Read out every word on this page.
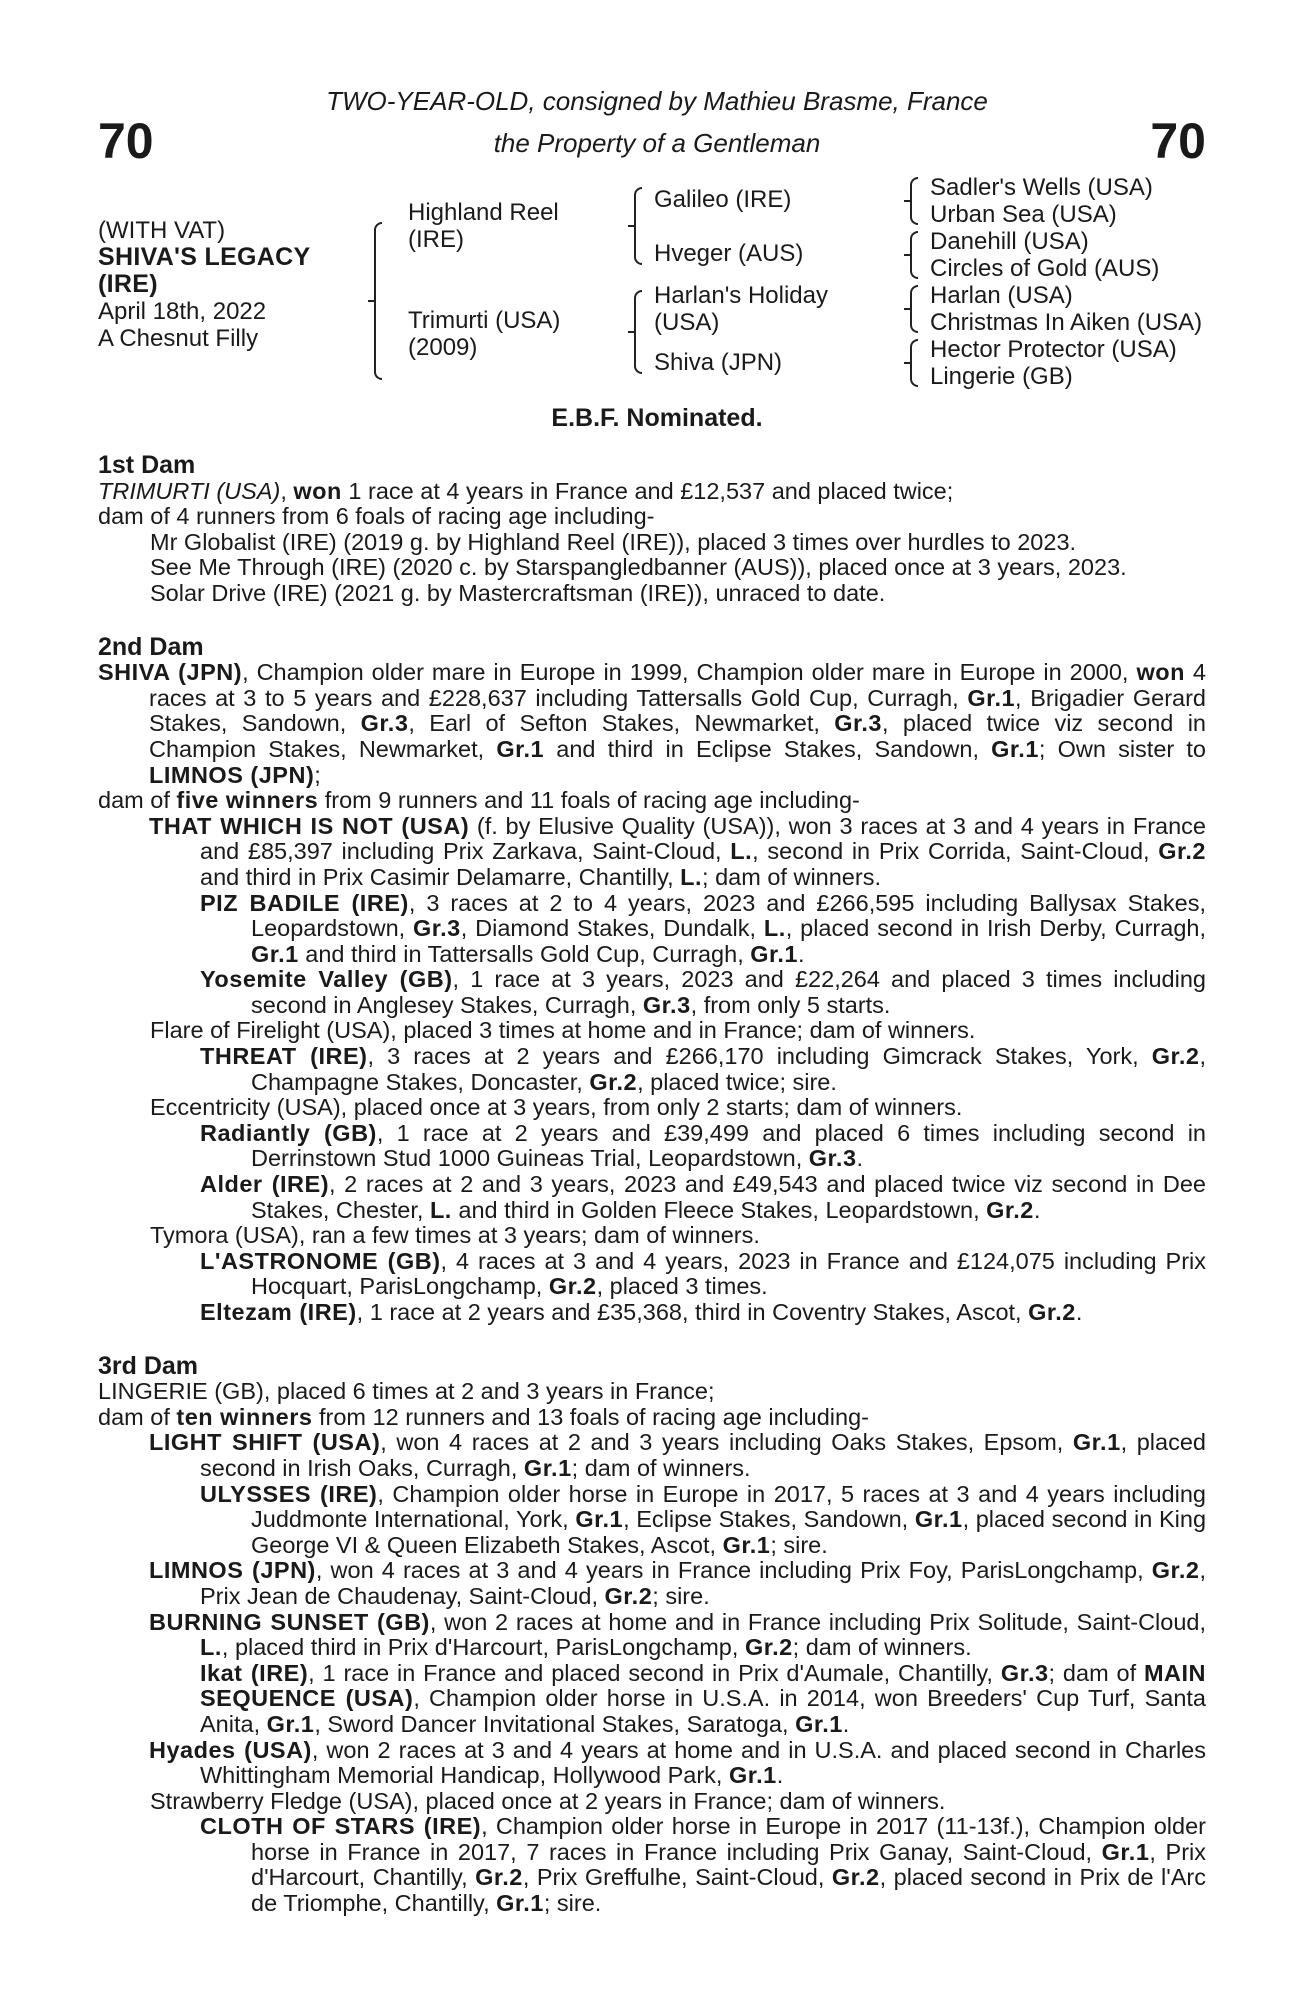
70	70
TWO-YEAR-OLD, consigned by Mathieu Brasme, France
the Property of a Gentleman
(WITH VAT)
SHIVA'S LEGACY
(IRE)
April 18th, 2022
A Chesnut Filly
Highland Reel
(IRE)
Trimurti (USA)
(2009)
Galileo (IRE)
Hveger (AUS)
Harlan's Holiday
(USA)
Shiva (JPN)
Sadler's Wells (USA)
Urban Sea (USA)
Danehill (USA)
Circles of Gold (AUS)
Harlan (USA)
Christmas In Aiken (USA)
Hector Protector (USA)
Lingerie (GB)
E.B.F. Nominated.
1st Dam

TRIMURTI (USA), won 1 race at 4 years in France and £12,537 and placed twice;

dam of 4 runners from 6 foals of racing age including-

Mr Globalist (IRE) (2019 g. by Highland Reel (IRE)), placed 3 times over hurdles to 2023.

See Me Through (IRE) (2020 c. by Starspangledbanner (AUS)), placed once at 3 years, 2023.

Solar Drive (IRE) (2021 g. by Mastercraftsman (IRE)), unraced to date.

2nd Dam

SHIVA (JPN), Champion older mare in Europe in 1999, Champion older mare in Europe in 2000, won 4 races at 3 to 5 years and £228,637 including Tattersalls Gold Cup, Curragh, Gr.1, Brigadier Gerard Stakes, Sandown, Gr.3, Earl of Sefton Stakes, Newmarket, Gr.3, placed twice viz second in Champion Stakes, Newmarket, Gr.1 and third in Eclipse Stakes, Sandown, Gr.1; Own sister to LIMNOS (JPN);

dam of five winners from 9 runners and 11 foals of racing age including-

THAT WHICH IS NOT (USA) (f. by Elusive Quality (USA)), won 3 races at 3 and 4 years in France and £85,397 including Prix Zarkava, Saint-Cloud, L., second in Prix Corrida, Saint-Cloud, Gr.2 and third in Prix Casimir Delamarre, Chantilly, L.; dam of winners.

PIZ BADILE (IRE), 3 races at 2 to 4 years, 2023 and £266,595 including Ballysax Stakes, Leopardstown, Gr.3, Diamond Stakes, Dundalk, L., placed second in Irish Derby, Curragh, Gr.1 and third in Tattersalls Gold Cup, Curragh, Gr.1.

Yosemite Valley (GB), 1 race at 3 years, 2023 and £22,264 and placed 3 times including second in Anglesey Stakes, Curragh, Gr.3, from only 5 starts.

Flare of Firelight (USA), placed 3 times at home and in France; dam of winners.

THREAT (IRE), 3 races at 2 years and £266,170 including Gimcrack Stakes, York, Gr.2, Champagne Stakes, Doncaster, Gr.2, placed twice; sire.

Eccentricity (USA), placed once at 3 years, from only 2 starts; dam of winners.

Radiantly (GB), 1 race at 2 years and £39,499 and placed 6 times including second in Derrinstown Stud 1000 Guineas Trial, Leopardstown, Gr.3.

Alder (IRE), 2 races at 2 and 3 years, 2023 and £49,543 and placed twice viz second in Dee Stakes, Chester, L. and third in Golden Fleece Stakes, Leopardstown, Gr.2.

Tymora (USA), ran a few times at 3 years; dam of winners.

L'ASTRONOME (GB), 4 races at 3 and 4 years, 2023 in France and £124,075 including Prix Hocquart, ParisLongchamp, Gr.2, placed 3 times.

Eltezam (IRE), 1 race at 2 years and £35,368, third in Coventry Stakes, Ascot, Gr.2.

3rd Dam

LINGERIE (GB), placed 6 times at 2 and 3 years in France;

dam of ten winners from 12 runners and 13 foals of racing age including-

LIGHT SHIFT (USA), won 4 races at 2 and 3 years including Oaks Stakes, Epsom, Gr.1, placed second in Irish Oaks, Curragh, Gr.1; dam of winners.

ULYSSES (IRE), Champion older horse in Europe in 2017, 5 races at 3 and 4 years including Juddmonte International, York, Gr.1, Eclipse Stakes, Sandown, Gr.1, placed second in King George VI & Queen Elizabeth Stakes, Ascot, Gr.1; sire.

LIMNOS (JPN), won 4 races at 3 and 4 years in France including Prix Foy, ParisLongchamp, Gr.2, Prix Jean de Chaudenay, Saint-Cloud, Gr.2; sire.

BURNING SUNSET (GB), won 2 races at home and in France including Prix Solitude, Saint-Cloud, L., placed third in Prix d'Harcourt, ParisLongchamp, Gr.2; dam of winners.

Ikat (IRE), 1 race in France and placed second in Prix d'Aumale, Chantilly, Gr.3; dam of MAIN SEQUENCE (USA), Champion older horse in U.S.A. in 2014, won Breeders' Cup Turf, Santa Anita, Gr.1, Sword Dancer Invitational Stakes, Saratoga, Gr.1.

Hyades (USA), won 2 races at 3 and 4 years at home and in U.S.A. and placed second in Charles Whittingham Memorial Handicap, Hollywood Park, Gr.1.

Strawberry Fledge (USA), placed once at 2 years in France; dam of winners.

CLOTH OF STARS (IRE), Champion older horse in Europe in 2017 (11-13f.), Champion older horse in France in 2017, 7 races in France including Prix Ganay, Saint-Cloud, Gr.1, Prix d'Harcourt, Chantilly, Gr.2, Prix Greffulhe, Saint-Cloud, Gr.2, placed second in Prix de l'Arc de Triomphe, Chantilly, Gr.1; sire.
